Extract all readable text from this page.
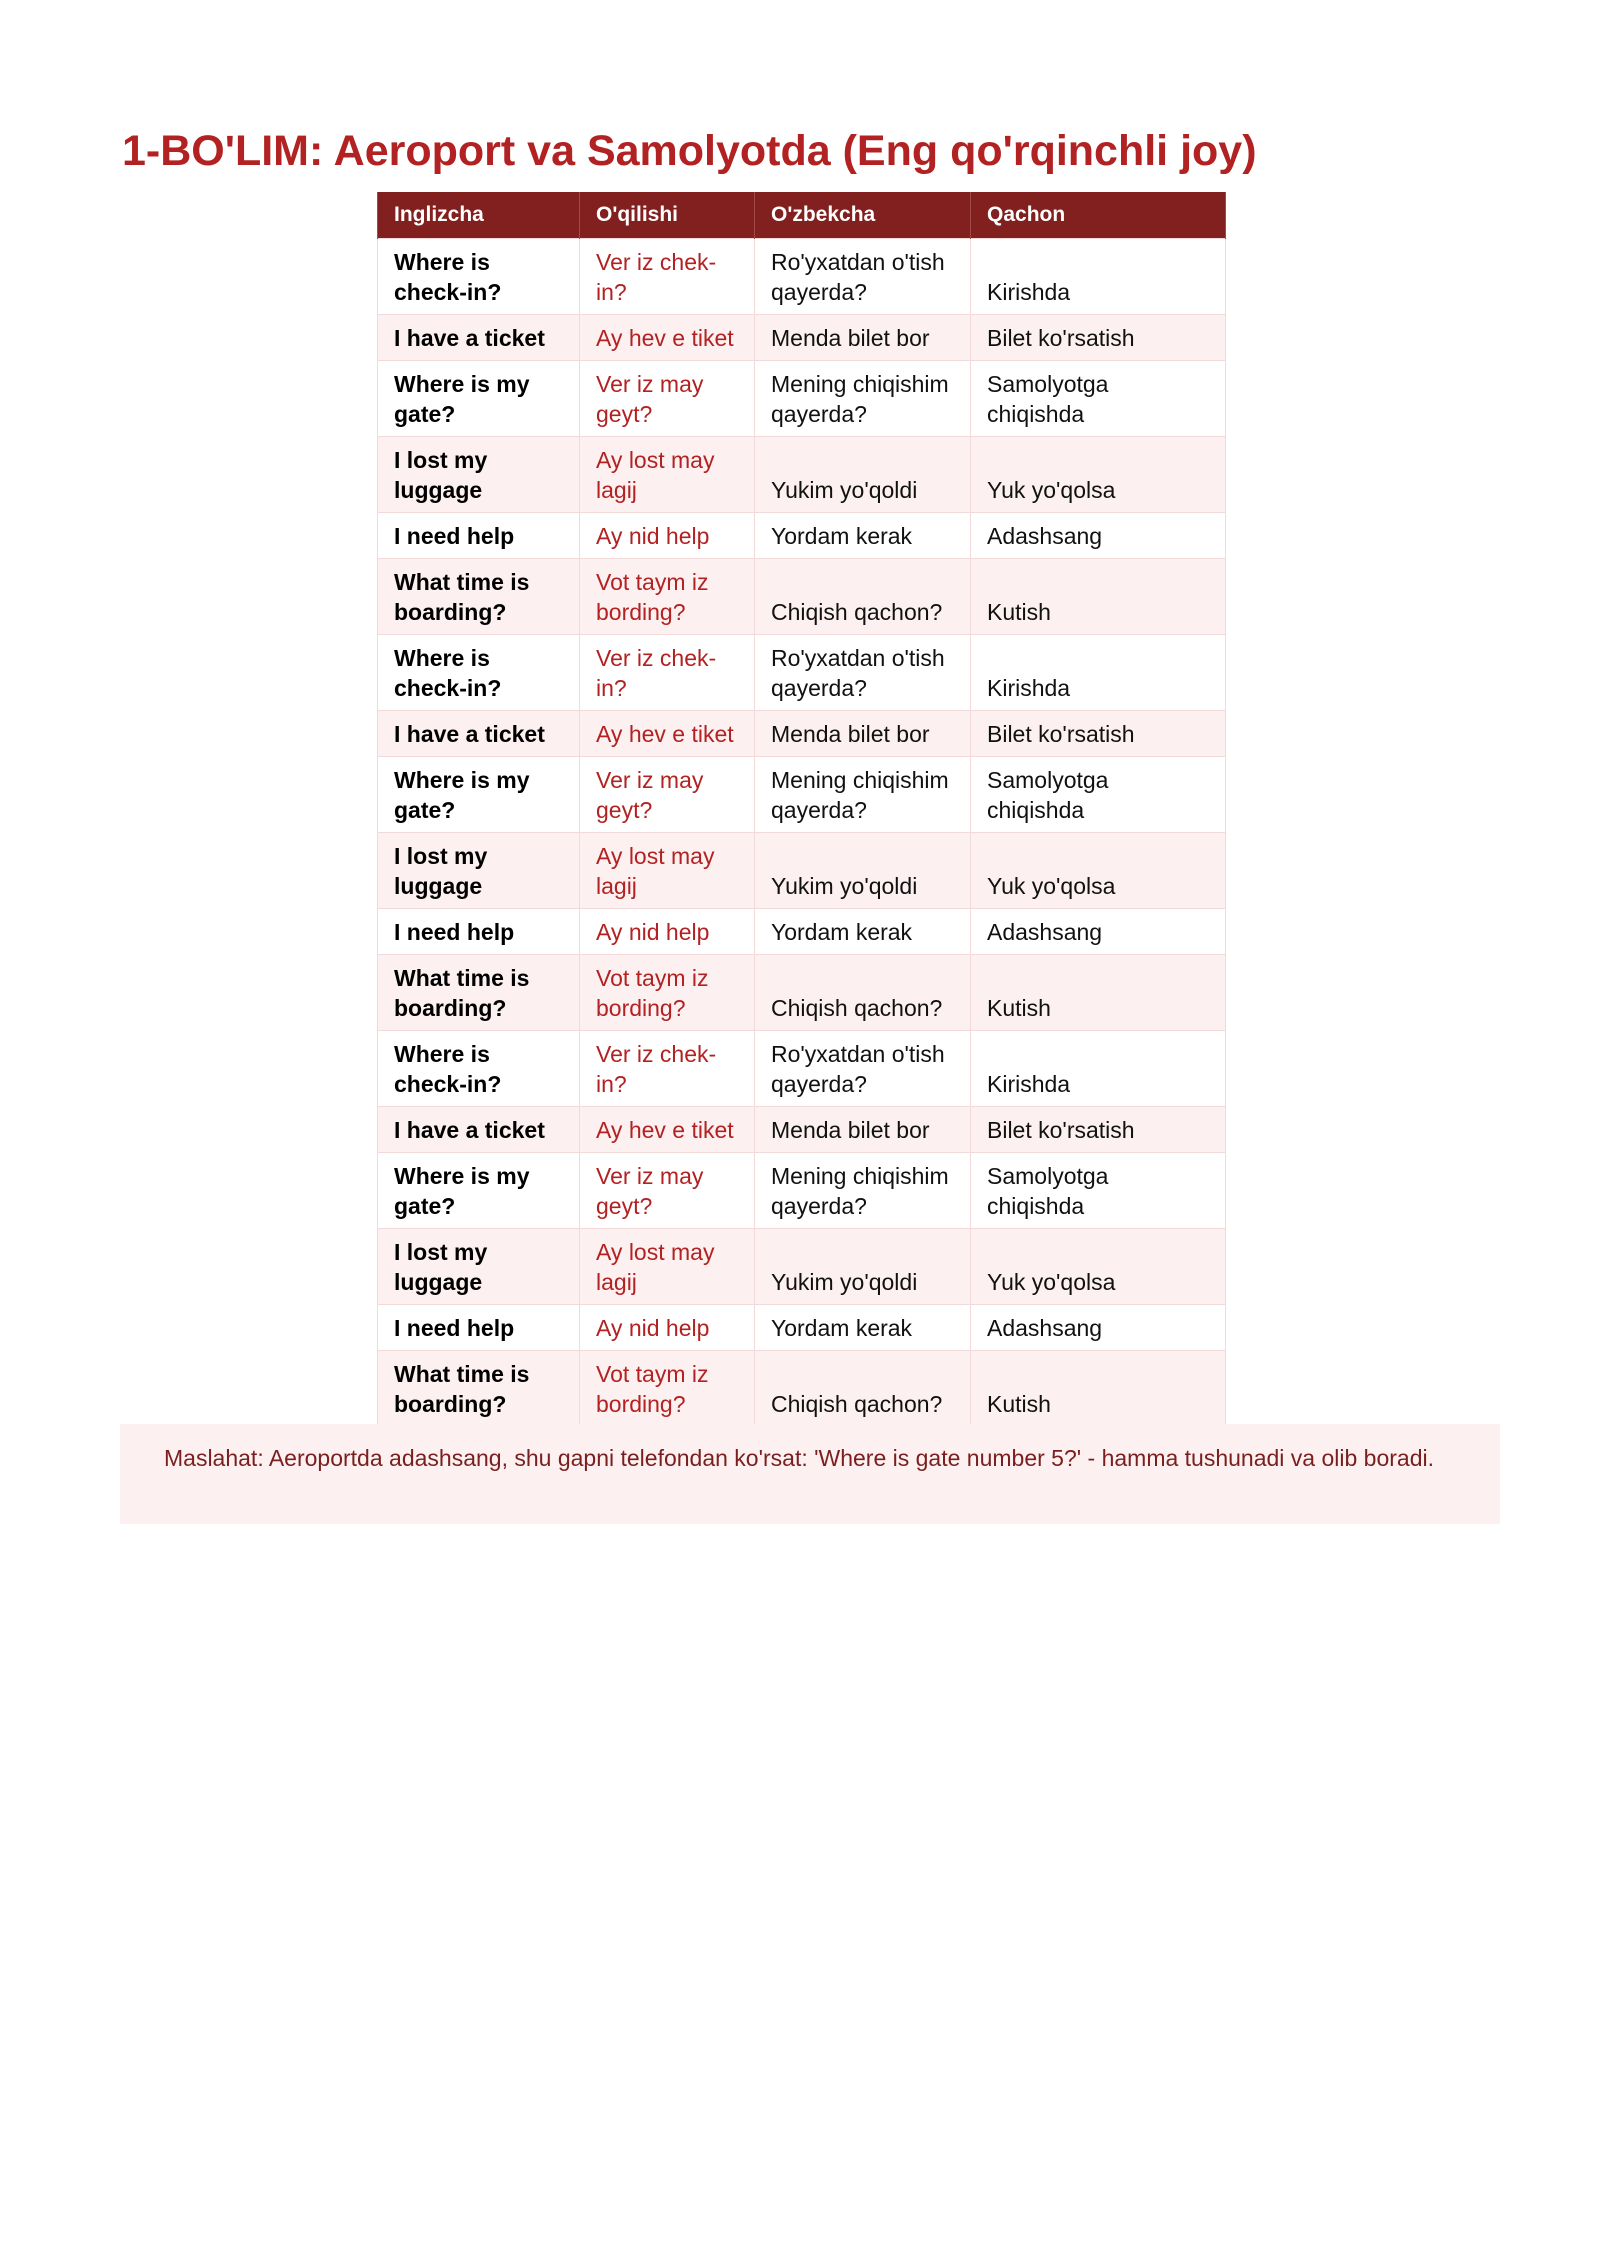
1-BO'LIM: Aeroport va Samolyotda (Eng qo'rqinchli joy)
Inglizcha	O'qilishi	O'zbekcha	Qachon
Where is check-in?	Ver iz chek-in?	Ro'yxatdan o'tish qayerda?	Kirishda
I have a ticket	Ay hev e tiket	Menda bilet bor	Bilet ko'rsatish
Where is my gate?	Ver iz may geyt?	Mening chiqishim qayerda?	Samolyotga chiqishda
I lost my luggage	Ay lost may lagij	Yukim yo'qoldi	Yuk yo'qolsa
I need help	Ay nid help	Yordam kerak	Adashsang
What time is boarding?	Vot taym iz bording?	Chiqish qachon?	Kutish
Where is check-in?	Ver iz chek-in?	Ro'yxatdan o'tish qayerda?	Kirishda
I have a ticket	Ay hev e tiket	Menda bilet bor	Bilet ko'rsatish
Where is my gate?	Ver iz may geyt?	Mening chiqishim qayerda?	Samolyotga chiqishda
I lost my luggage	Ay lost may lagij	Yukim yo'qoldi	Yuk yo'qolsa
I need help	Ay nid help	Yordam kerak	Adashsang
What time is boarding?	Vot taym iz bording?	Chiqish qachon?	Kutish
Where is check-in?	Ver iz chek-in?	Ro'yxatdan o'tish qayerda?	Kirishda
I have a ticket	Ay hev e tiket	Menda bilet bor	Bilet ko'rsatish
Where is my gate?	Ver iz may geyt?	Mening chiqishim qayerda?	Samolyotga chiqishda
I lost my luggage	Ay lost may lagij	Yukim yo'qoldi	Yuk yo'qolsa
I need help	Ay nid help	Yordam kerak	Adashsang
What time is boarding?	Vot taym iz bording?	Chiqish qachon?	Kutish
Maslahat: Aeroportda adashsang, shu gapni telefondan ko'rsat: 'Where is gate number 5?' - hamma tushunadi va olib boradi.
